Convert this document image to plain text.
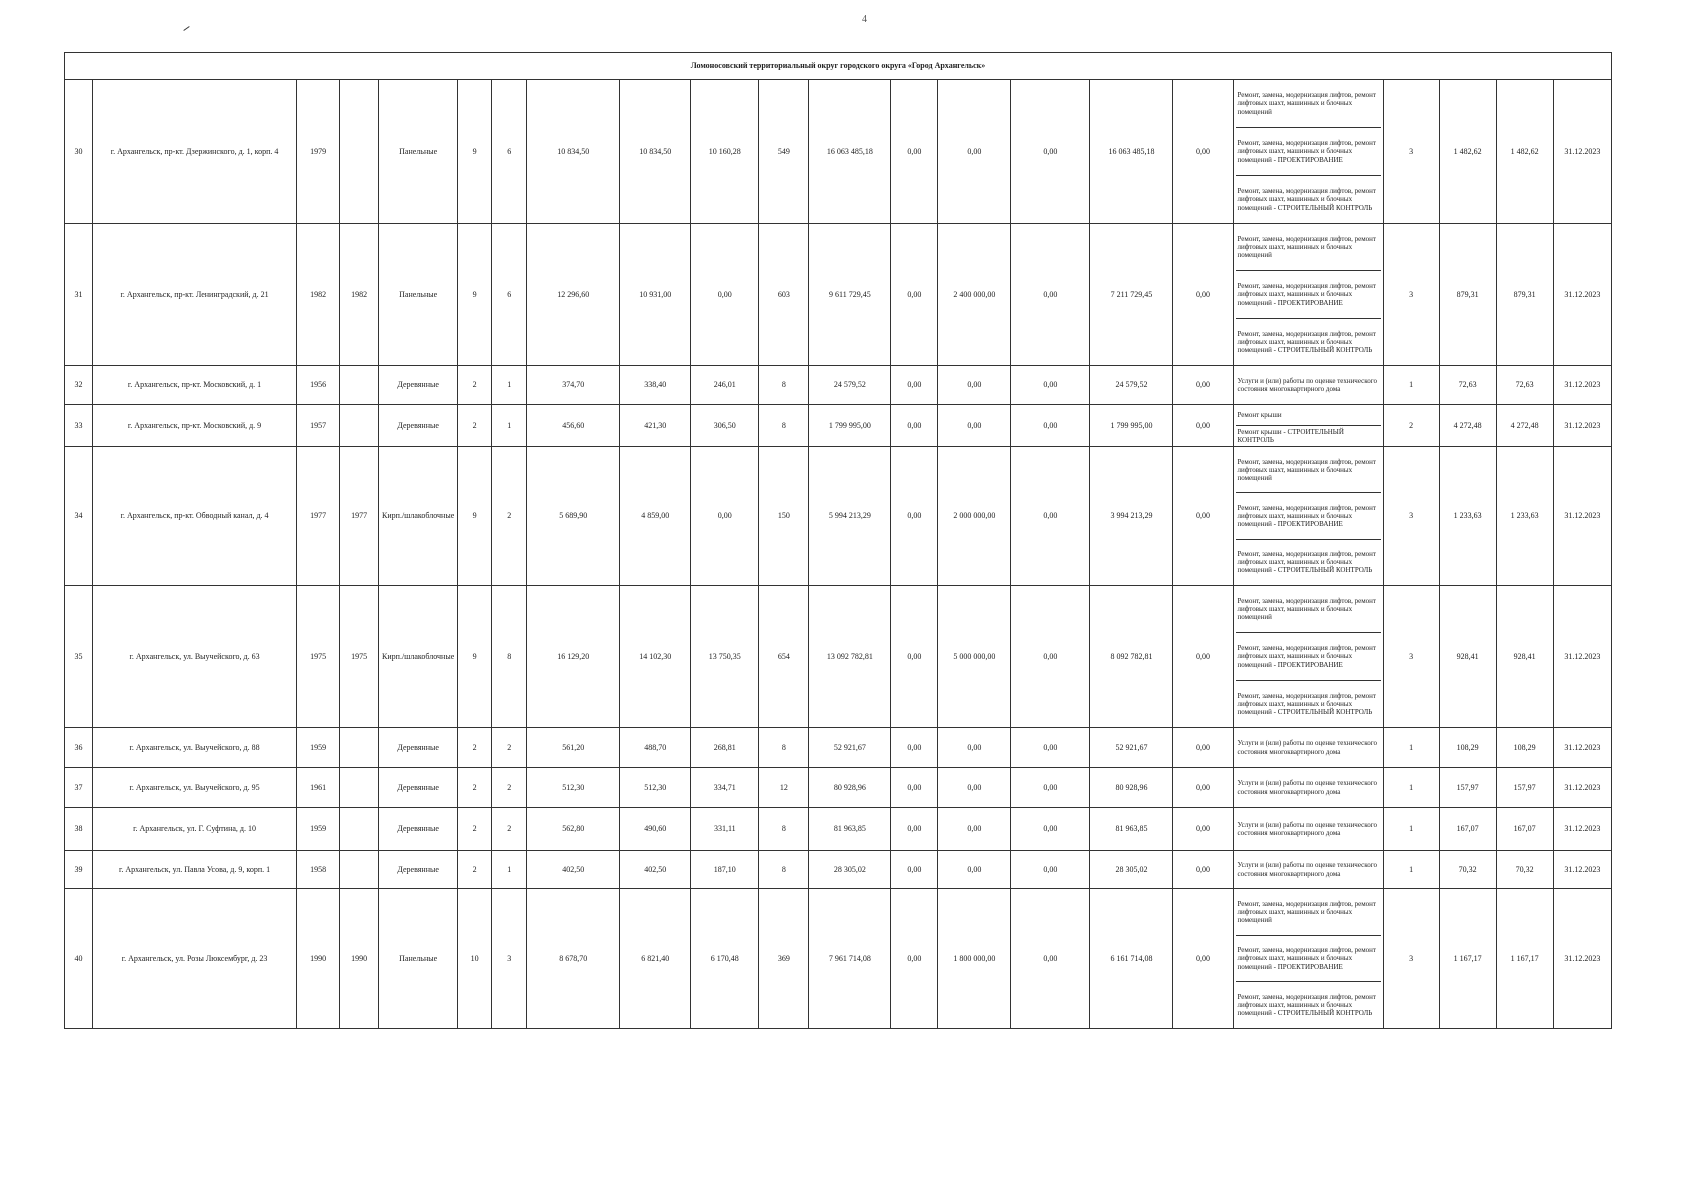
4
Ломоносовский территориальный округ городского округа «Город Архангельск»																					
30	г. Архангельск, пр-кт. Дзержинского, д. 1, корп. 4	1979		Панельные	9	6	10 834,50	10 834,50	10 160,28	549	16 063 485,18	0,00	0,00	0,00	16 063 485,18	0,00	Ремонт, замена, модернизация лифтов, ремонт лифтовых шахт, машинных и блочных помещений
Ремонт, замена, модернизация лифтов, ремонт лифтовых шахт, машинных и блочных помещений - ПРОЕКТИРОВАНИЕ
Ремонт, замена, модернизация лифтов, ремонт лифтовых шахт, машинных и блочных помещений - СТРОИТЕЛЬНЫЙ КОНТРОЛЬ	3	1 482,62	1 482,62	31.12.2023
31	г. Архангельск, пр-кт. Ленинградский, д. 21	1982	1982	Панельные	9	6	12 296,60	10 931,00	0,00	603	9 611 729,45	0,00	2 400 000,00	0,00	7 211 729,45	0,00	Ремонт, замена, модернизация лифтов, ремонт лифтовых шахт, машинных и блочных помещений
Ремонт, замена, модернизация лифтов, ремонт лифтовых шахт, машинных и блочных помещений - ПРОЕКТИРОВАНИЕ
Ремонт, замена, модернизация лифтов, ремонт лифтовых шахт, машинных и блочных помещений - СТРОИТЕЛЬНЫЙ КОНТРОЛЬ	3	879,31	879,31	31.12.2023
32	г. Архангельск, пр-кт. Московский, д. 1	1956		Деревянные	2	1	374,70	338,40	246,01	8	24 579,52	0,00	0,00	0,00	24 579,52	0,00	Услуги и (или) работы по оценке технического состояния многоквартирного дома	1	72,63	72,63	31.12.2023
33	г. Архангельск, пр-кт. Московский, д. 9	1957		Деревянные	2	1	456,60	421,30	306,50	8	1 799 995,00	0,00	0,00	0,00	1 799 995,00	0,00	Ремонт крыши
Ремонт крыши - СТРОИТЕЛЬНЫЙ КОНТРОЛЬ	2	4 272,48	4 272,48	31.12.2023
34	г. Архангельск, пр-кт. Обводный канал, д. 4	1977	1977	Кирп./шлакоблочные	9	2	5 689,90	4 859,00	0,00	150	5 994 213,29	0,00	2 000 000,00	0,00	3 994 213,29	0,00	Ремонт, замена, модернизация лифтов, ремонт лифтовых шахт, машинных и блочных помещений
Ремонт, замена, модернизация лифтов, ремонт лифтовых шахт, машинных и блочных помещений - ПРОЕКТИРОВАНИЕ
Ремонт, замена, модернизация лифтов, ремонт лифтовых шахт, машинных и блочных помещений - СТРОИТЕЛЬНЫЙ КОНТРОЛЬ	3	1 233,63	1 233,63	31.12.2023
35	г. Архангельск, ул. Выучейского, д. 63	1975	1975	Кирп./шлакоблочные	9	8	16 129,20	14 102,30	13 750,35	654	13 092 782,81	0,00	5 000 000,00	0,00	8 092 782,81	0,00	Ремонт, замена, модернизация лифтов, ремонт лифтовых шахт, машинных и блочных помещений
Ремонт, замена, модернизация лифтов, ремонт лифтовых шахт, машинных и блочных помещений - ПРОЕКТИРОВАНИЕ
Ремонт, замена, модернизация лифтов, ремонт лифтовых шахт, машинных и блочных помещений - СТРОИТЕЛЬНЫЙ КОНТРОЛЬ	3	928,41	928,41	31.12.2023
36	г. Архангельск, ул. Выучейского, д. 88	1959		Деревянные	2	2	561,20	488,70	268,81	8	52 921,67	0,00	0,00	0,00	52 921,67	0,00	Услуги и (или) работы по оценке технического состояния многоквартирного дома	1	108,29	108,29	31.12.2023
37	г. Архангельск, ул. Выучейского, д. 95	1961		Деревянные	2	2	512,30	512,30	334,71	12	80 928,96	0,00	0,00	0,00	80 928,96	0,00	Услуги и (или) работы по оценке технического состояния многоквартирного дома	1	157,97	157,97	31.12.2023
38	г. Архангельск, ул. Г. Суфтина, д. 10	1959		Деревянные	2	2	562,80	490,60	331,11	8	81 963,85	0,00	0,00	0,00	81 963,85	0,00	Услуги и (или) работы по оценке технического состояния многоквартирного дома	1	167,07	167,07	31.12.2023
39	г. Архангельск, ул. Павла Усова, д. 9, корп. 1	1958		Деревянные	2	1	402,50	402,50	187,10	8	28 305,02	0,00	0,00	0,00	28 305,02	0,00	Услуги и (или) работы по оценке технического состояния многоквартирного дома	1	70,32	70,32	31.12.2023
40	г. Архангельск, ул. Розы Люксембург, д. 23	1990	1990	Панельные	10	3	8 678,70	6 821,40	6 170,48	369	7 961 714,08	0,00	1 800 000,00	0,00	6 161 714,08	0,00	Ремонт, замена, модернизация лифтов, ремонт лифтовых шахт, машинных и блочных помещений
Ремонт, замена, модернизация лифтов, ремонт лифтовых шахт, машинных и блочных помещений - ПРОЕКТИРОВАНИЕ
Ремонт, замена, модернизация лифтов, ремонт лифтовых шахт, машинных и блочных помещений - СТРОИТЕЛЬНЫЙ КОНТРОЛЬ	3	1 167,17	1 167,17	31.12.2023
